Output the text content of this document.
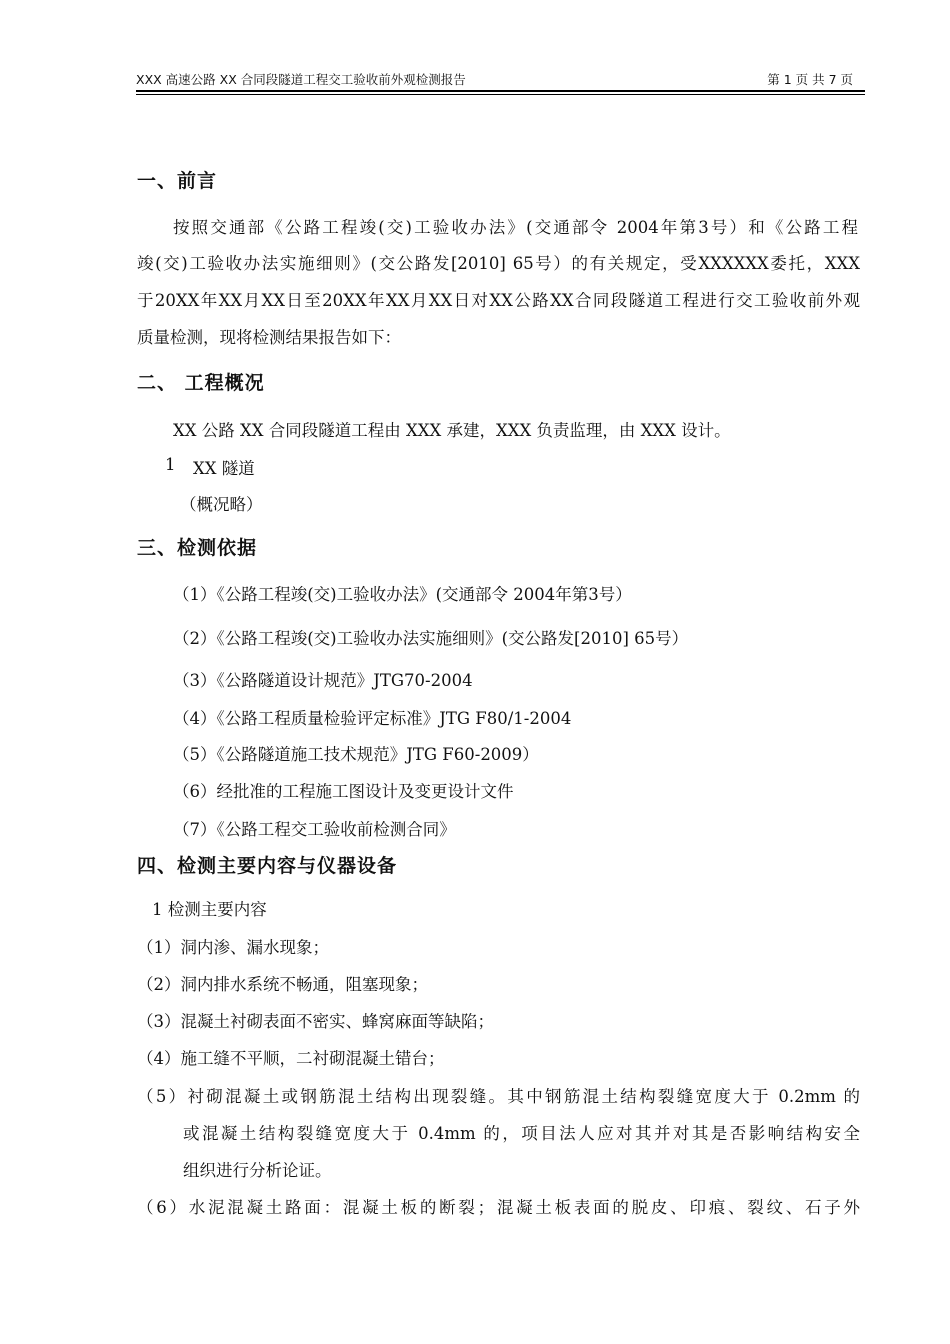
XXX 高速公路 XX 合同段隧道工程交工验收前外观检测报告	第 1 页 共 7 页
一、前言
按照交通部《公路工程竣(交)工验收办法》(交通部令 2004年第3号）和《公路工程
竣(交)工验收办法实施细则》(交公路发[2010] 65号）的有关规定，受XXXXXX委托，XXX
于20XX年XX月XX日至20XX年XX月XX日对XX公路XX合同段隧道工程进行交工验收前外观
质量检测，现将检测结果报告如下：
二、 工程概况
XX 公路 XX 合同段隧道工程由 XXX 承建，XXX 负责监理，由 XXX 设计。
1 XX 隧道
（概况略）
三、检测依据
（1）《公路工程竣(交)工验收办法》(交通部令 2004年第3号）
（2）《公路工程竣(交)工验收办法实施细则》(交公路发[2010] 65号）
（3）《公路隧道设计规范》JTG70-2004
（4）《公路工程质量检验评定标准》JTG F80/1-2004
（5）《公路隧道施工技术规范》JTG F60-2009）
（6）经批准的工程施工图设计及变更设计文件
（7）《公路工程交工验收前检测合同》
四、检测主要内容与仪器设备
1 检测主要内容
（1）洞内渗、漏水现象；
（2）洞内排水系统不畅通，阻塞现象；
（3）混凝土衬砌表面不密实、蜂窝麻面等缺陷；
（4）施工缝不平顺，二衬砌混凝土错台；
（5）衬砌混凝土或钢筋混土结构出现裂缝。其中钢筋混土结构裂缝宽度大于 0.2mm 的
或混凝土结构裂缝宽度大于 0.4mm 的，项目法人应对其并对其是否影响结构安全
组织进行分析论证。
（6）水泥混凝土路面：混凝土板的断裂；混凝土板表面的脱皮、印痕、裂纹、石子外
